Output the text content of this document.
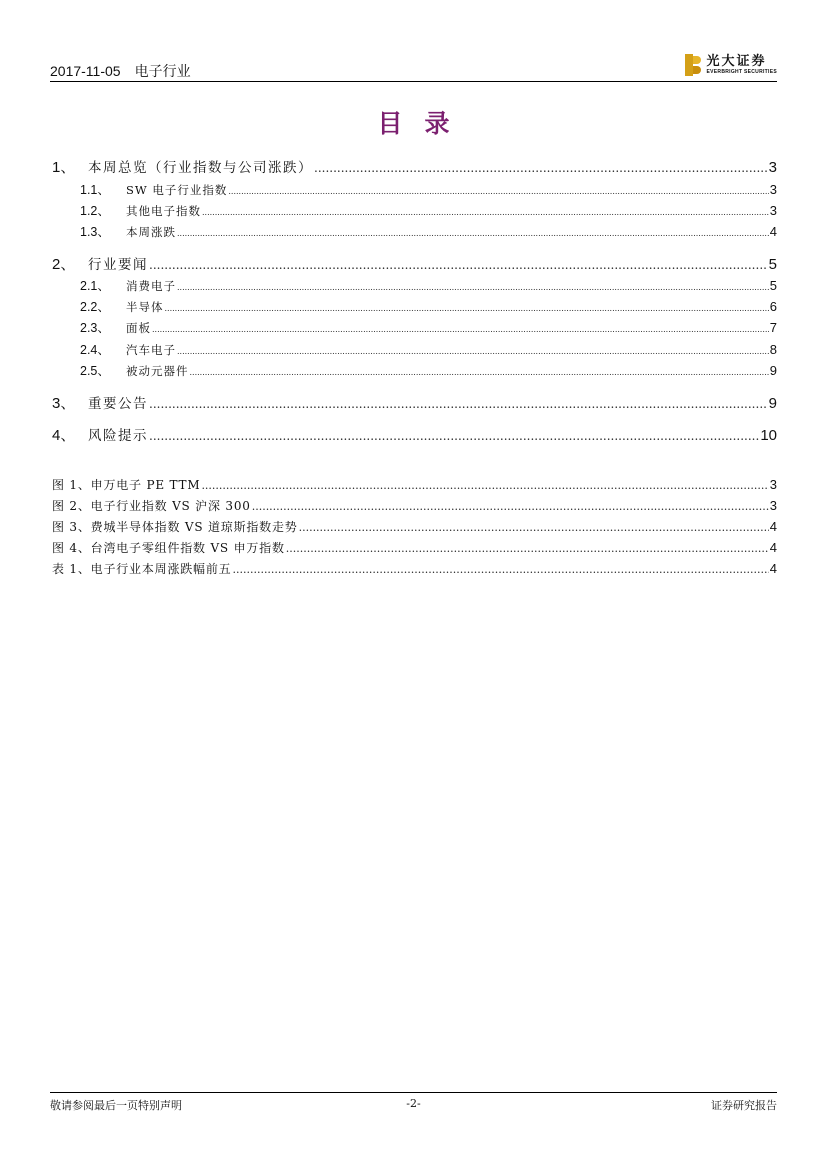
2017-11-05 电子行业
光大证券
EVERBRIGHT SECURITIES
目录
1、 本周总览（行业指数与公司涨跌） .....	3
1.1、	SW 电子行业指数 .....	3
1.2、	其他电子指数 .....	3
1.3、	本周涨跌 .....	4
2、 行业要闻 .....	5
2.1、	消费电子 .....	5
2.2、	半导体 .....	6
2.3、	面板 .....	7
2.4、	汽车电子 .....	8
2.5、	被动元器件 .....	9
3、 重要公告 .....	9
4、 风险提示 .....	10
图 1、 申万电子 PE TTM .....	3
图 2、 电子行业指数 VS 沪深 300 .....	3
图 3、 费城半导体指数 VS 道琼斯指数走势 .....	4
图 4、 台湾电子零组件指数 VS 申万指数 .....	4
表 1、 电子行业本周涨跌幅前五 .....	4
敬请参阅最后一页特别声明	-2-	证券研究报告
